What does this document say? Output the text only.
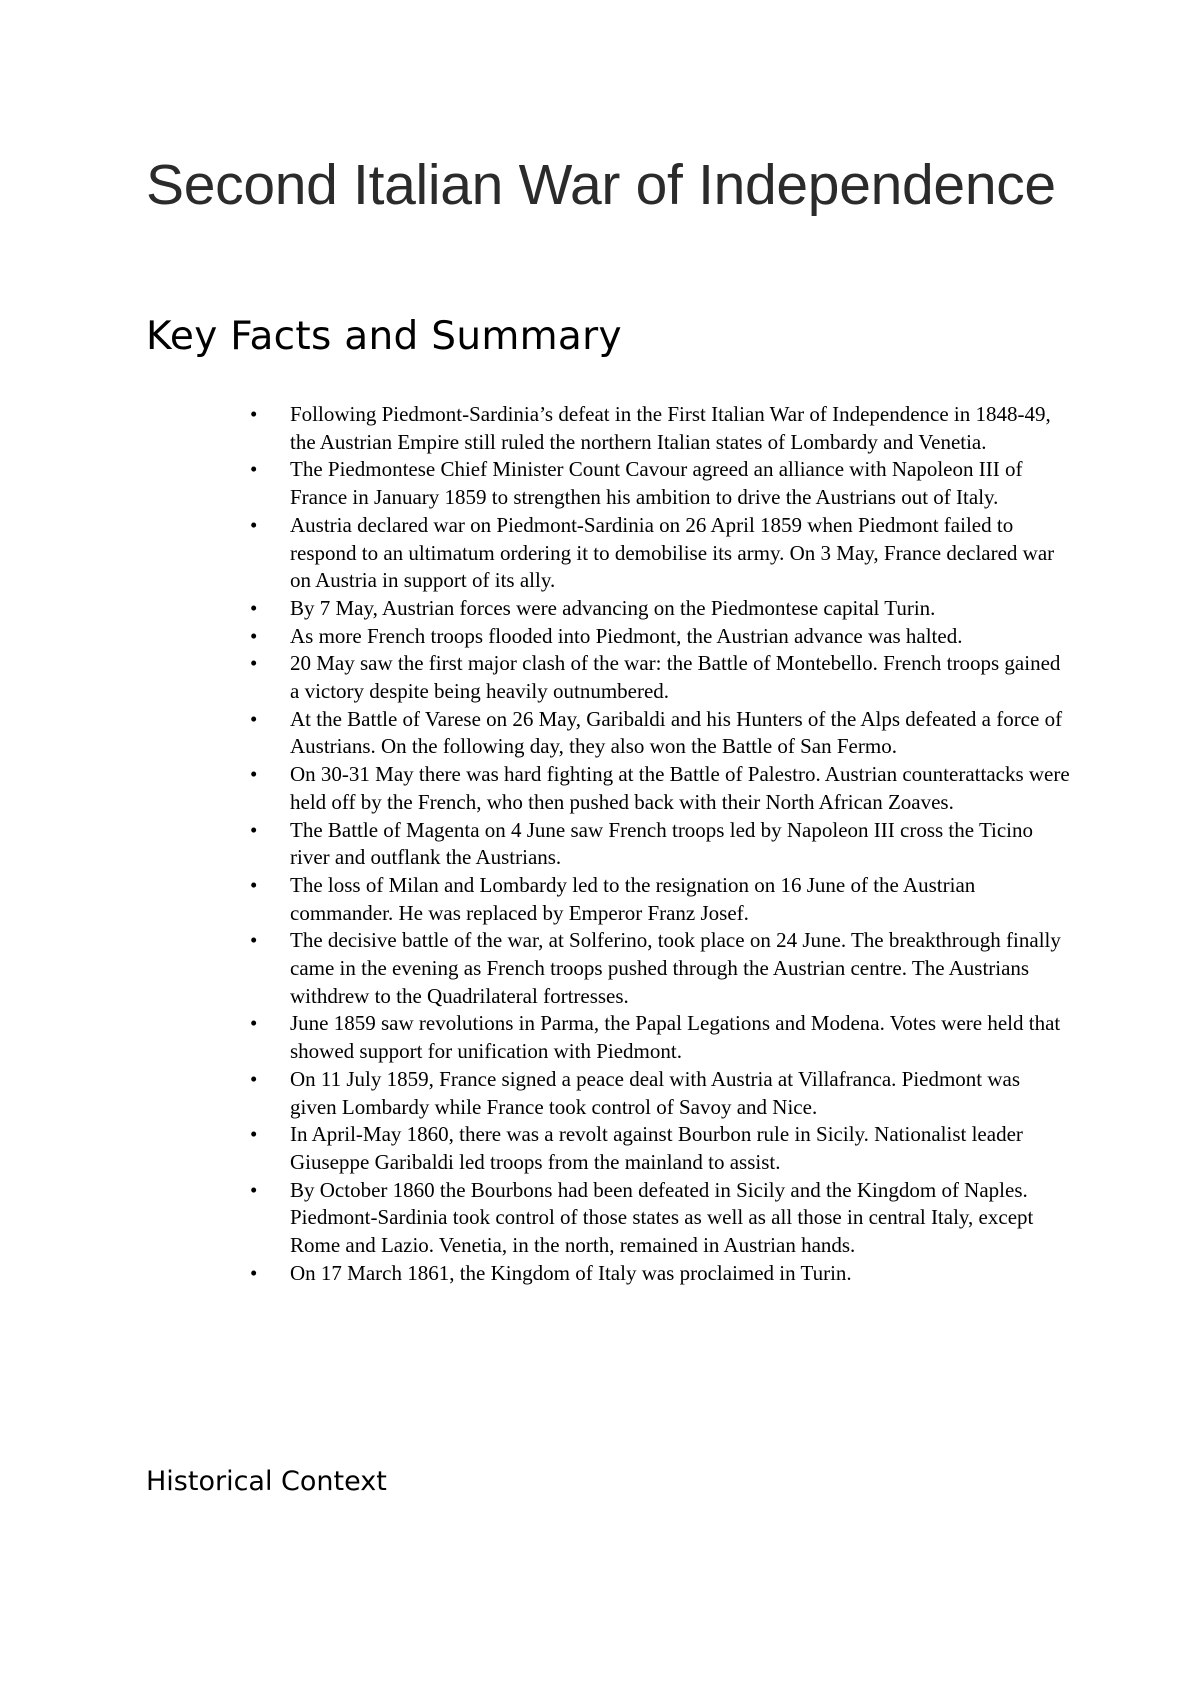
Second Italian War of Independence
Key Facts and Summary
• Following Piedmont-Sardinia’s defeat in the First Italian War of Independence in 1848-49, the Austrian Empire still ruled the northern Italian states of Lombardy and Venetia.
• The Piedmontese Chief Minister Count Cavour agreed an alliance with Napoleon III of France in January 1859 to strengthen his ambition to drive the Austrians out of Italy.
• Austria declared war on Piedmont-Sardinia on 26 April 1859 when Piedmont failed to respond to an ultimatum ordering it to demobilise its army. On 3 May, France declared war on Austria in support of its ally.
• By 7 May, Austrian forces were advancing on the Piedmontese capital Turin.
• As more French troops flooded into Piedmont, the Austrian advance was halted.
• 20 May saw the first major clash of the war: the Battle of Montebello. French troops gained a victory despite being heavily outnumbered.
• At the Battle of Varese on 26 May, Garibaldi and his Hunters of the Alps defeated a force of Austrians. On the following day, they also won the Battle of San Fermo.
• On 30-31 May there was hard fighting at the Battle of Palestro. Austrian counterattacks were held off by the French, who then pushed back with their North African Zoaves.
• The Battle of Magenta on 4 June saw French troops led by Napoleon III cross the Ticino river and outflank the Austrians.
• The loss of Milan and Lombardy led to the resignation on 16 June of the Austrian commander. He was replaced by Emperor Franz Josef.
• The decisive battle of the war, at Solferino, took place on 24 June. The breakthrough finally came in the evening as French troops pushed through the Austrian centre. The Austrians withdrew to the Quadrilateral fortresses.
• June 1859 saw revolutions in Parma, the Papal Legations and Modena. Votes were held that showed support for unification with Piedmont.
• On 11 July 1859, France signed a peace deal with Austria at Villafranca. Piedmont was given Lombardy while France took control of Savoy and Nice.
• In April-May 1860, there was a revolt against Bourbon rule in Sicily. Nationalist leader Giuseppe Garibaldi led troops from the mainland to assist.
• By October 1860 the Bourbons had been defeated in Sicily and the Kingdom of Naples. Piedmont-Sardinia took control of those states as well as all those in central Italy, except Rome and Lazio. Venetia, in the north, remained in Austrian hands.
• On 17 March 1861, the Kingdom of Italy was proclaimed in Turin.
Historical Context
